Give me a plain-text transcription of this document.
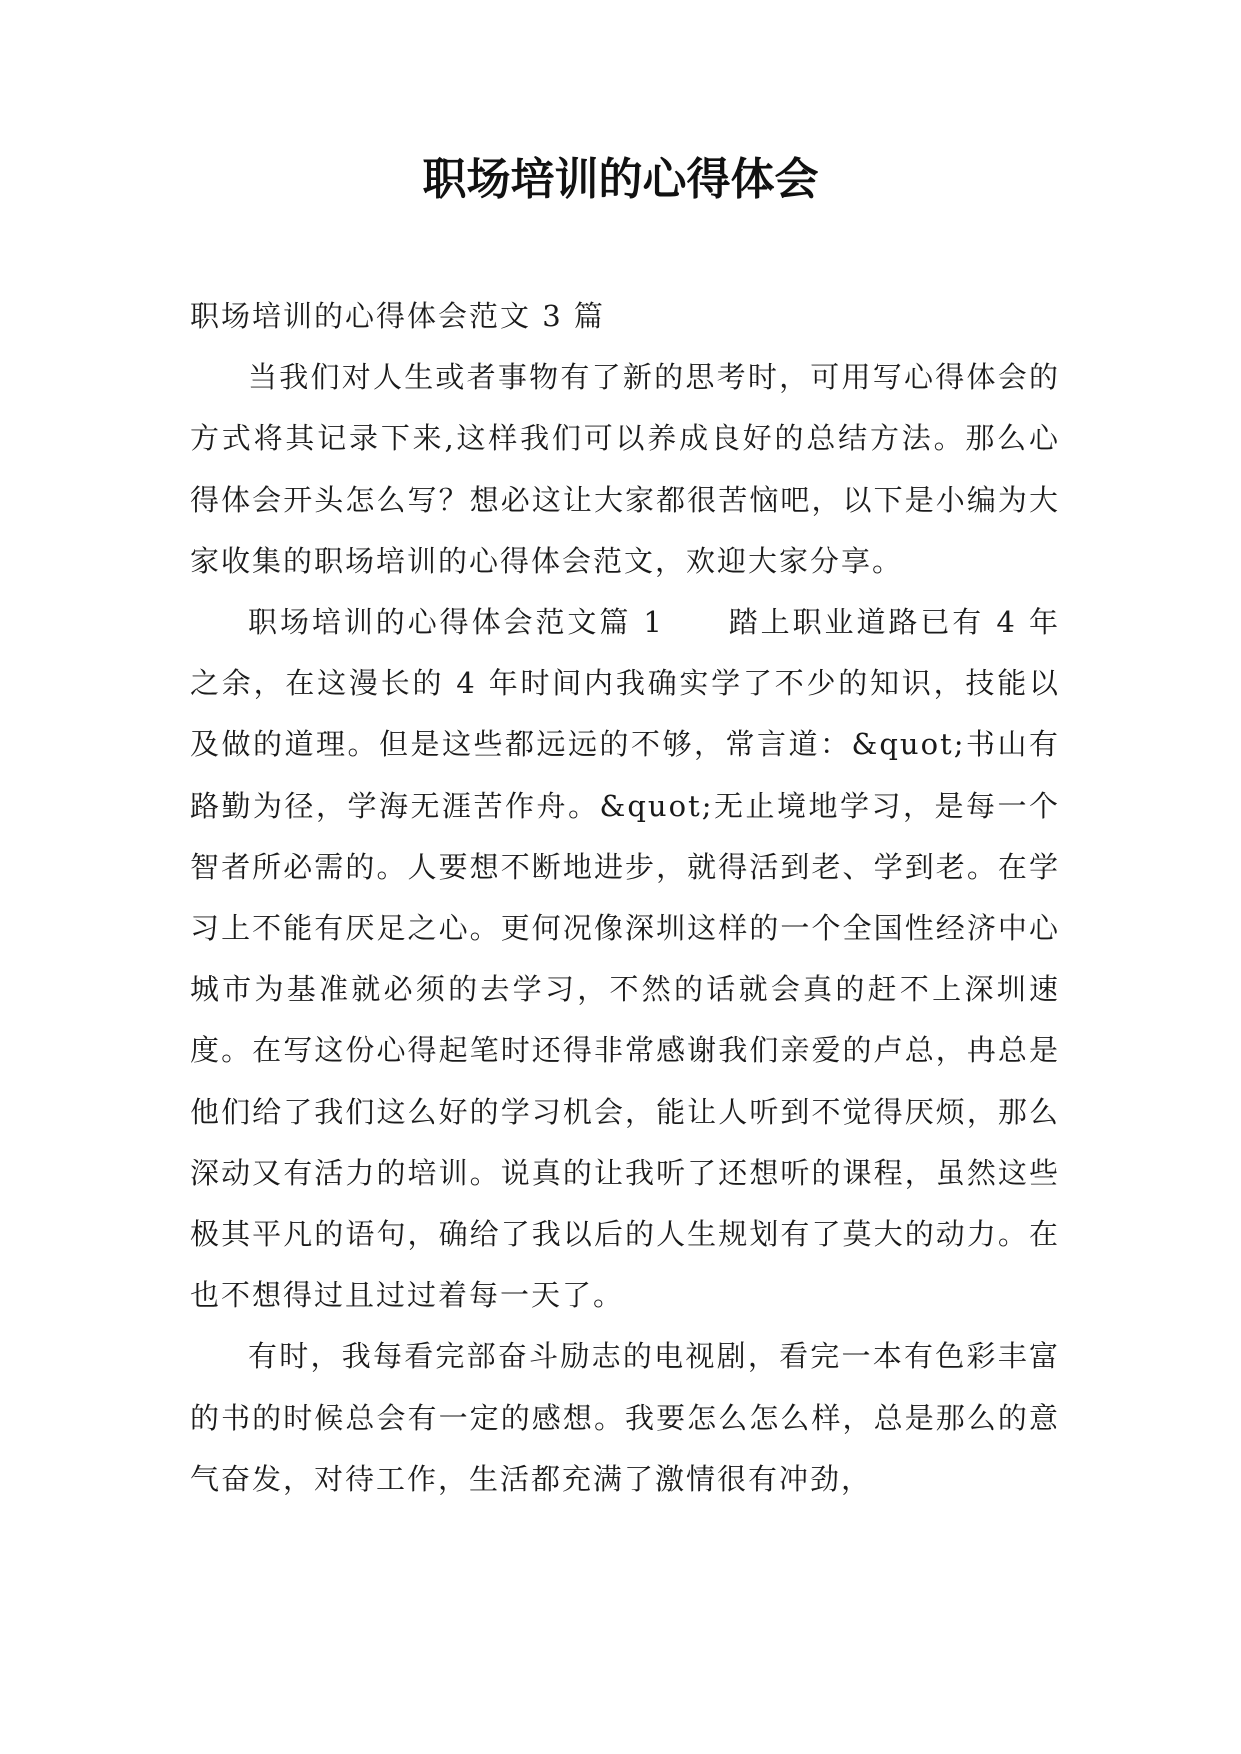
职场培训的心得体会

职场培训的心得体会范文 3 篇

当我们对人生或者事物有了新的思考时，可用写心得体会的方式将其记录下来,这样我们可以养成良好的总结方法。那么心得体会开头怎么写？想必这让大家都很苦恼吧，以下是小编为大家收集的职场培训的心得体会范文，欢迎大家分享。

职场培训的心得体会范文篇 1　　踏上职业道路已有 4 年之余，在这漫长的 4 年时间内我确实学了不少的知识，技能以及做的道理。但是这些都远远的不够，常言道：&quot;书山有路勤为径，学海无涯苦作舟。&quot;无止境地学习，是每一个智者所必需的。人要想不断地进步，就得活到老、学到老。在学习上不能有厌足之心。更何况像深圳这样的一个全国性经济中心城市为基准就必须的去学习，不然的话就会真的赶不上深圳速度。在写这份心得起笔时还得非常感谢我们亲爱的卢总，冉总是他们给了我们这么好的学习机会，能让人听到不觉得厌烦，那么深动又有活力的培训。说真的让我听了还想听的课程，虽然这些极其平凡的语句，确给了我以后的人生规划有了莫大的动力。在也不想得过且过过着每一天了。

有时，我每看完部奋斗励志的电视剧，看完一本有色彩丰富的书的时候总会有一定的感想。我要怎么怎么样，总是那么的意气奋发，对待工作，生活都充满了激情很有冲劲，
